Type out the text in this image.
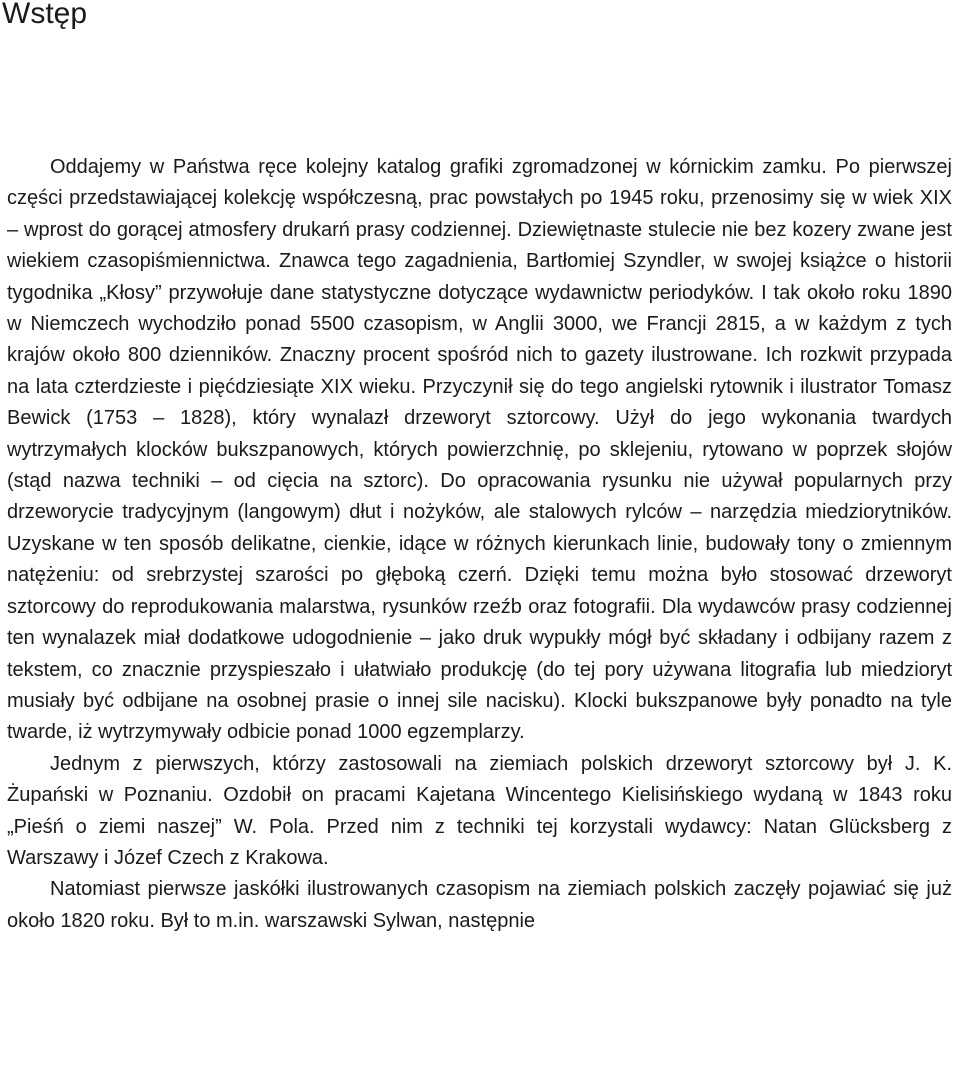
Wstęp

Oddajemy w Państwa ręce kolejny katalog grafiki zgromadzonej w kórnickim zamku. Po pierwszej części przedstawiającej kolekcję współczesną, prac powstałych po 1945 roku, przenosimy się w wiek XIX – wprost do gorącej atmosfery drukarń prasy codziennej. Dziewiętnaste stulecie nie bez kozery zwane jest wiekiem czasopiśmiennictwa. Znawca tego zagadnienia, Bartłomiej Szyndler, w swojej książce o historii tygodnika „Kłosy” przywołuje dane statystyczne dotyczące wydawnictw periodyków. I tak około roku 1890 w Niemczech wychodziło ponad 5500 czasopism, w Anglii 3000, we Francji 2815, a w każdym z tych krajów około 800 dzienników. Znaczny procent spośród nich to gazety ilustrowane. Ich rozkwit przypada na lata czterdzieste i pięćdziesiąte XIX wieku. Przyczynił się do tego angielski rytownik i ilustrator Tomasz Bewick (1753 – 1828), który wynalazł drzeworyt sztorcowy. Użył do jego wykonania twardych wytrzymałych klocków bukszpanowych, których powierzchnię, po sklejeniu, rytowano w poprzek słojów (stąd nazwa techniki – od cięcia na sztorc). Do opracowania rysunku nie używał popularnych przy drzeworycie tradycyjnym (langowym) dłut i nożyków, ale stalowych rylców – narzędzia miedziorytników. Uzyskane w ten sposób delikatne, cienkie, idące w różnych kierunkach linie, budowały tony o zmiennym natężeniu: od srebrzystej szarości po głęboką czerń. Dzięki temu można było stosować drzeworyt sztorcowy do reprodukowania malarstwa, rysunków rzeźb oraz fotografii. Dla wydawców prasy codziennej ten wynalazek miał dodatkowe udogodnienie – jako druk wypukły mógł być składany i odbijany razem z tekstem, co znacznie przyspieszało i ułatwiało produkcję (do tej pory używana litografia lub miedzioryt musiały być odbijane na osobnej prasie o innej sile nacisku). Klocki bukszpanowe były ponadto na tyle twarde, iż wytrzymywały odbicie ponad 1000 egzemplarzy.

Jednym z pierwszych, którzy zastosowali na ziemiach polskich drzeworyt sztorcowy był J. K. Żupański w Poznaniu. Ozdobił on pracami Kajetana Wincentego Kielisińskiego wydaną w 1843 roku „Pieśń o ziemi naszej” W. Pola. Przed nim z techniki tej korzystali wydawcy: Natan Glücksberg z Warszawy i Józef Czech z Krakowa.

Natomiast pierwsze jaskółki ilustrowanych czasopism na ziemiach polskich zaczęły pojawiać się już około 1820 roku. Był to m.in. warszawski Sylwan, następnie
